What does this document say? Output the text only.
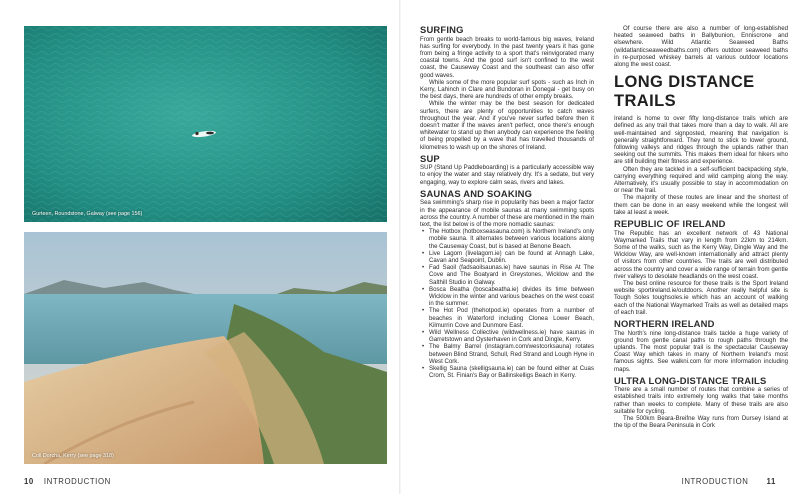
Gurteen, Roundstone, Galway (see page 156)
Coll Dorcha, Kerry (see page 318)
10 INTRODUCTION
SURFING

From gentle beach breaks to world-famous big waves, Ireland has surfing for everybody. In the past twenty years it has gone from being a fringe activity to a sport that's reinvigorated many coastal towns. And the good surf isn't confined to the west coast, the Causeway Coast and the southeast can also offer good waves.

While some of the more popular surf spots - such as Inch in Kerry, Lahinch in Clare and Bundoran in Donegal - get busy on the best days, there are hundreds of other empty breaks.

While the winter may be the best season for dedicated surfers, there are plenty of opportunities to catch waves throughout the year. And if you've never surfed before then it doesn't matter if the waves aren't perfect, once there's enough whitewater to stand up then anybody can experience the feeling of being propelled by a wave that has travelled thousands of kilometres to wash up on the shores of Ireland.

SUP

SUP (Stand Up Paddleboarding) is a particularly accessible way to enjoy the water and stay relatively dry. It's a sedate, but very engaging, way to explore calm seas, rivers and lakes.

SAUNAS AND SOAKING

Sea swimming's sharp rise in popularity has been a major factor in the appearance of mobile saunas at many swimming spots across the country. A number of these are mentioned in the main text, the list below is of the more nomadic saunas:

• The Hotbox (hotboxseasauna.com) is Northern Ireland's only mobile sauna. It alternates between various locations along the Causeway Coast, but is based at Benone Beach.
• Live Lagom (livelagom.ie) can be found at Annagh Lake, Cavan and Seapoint, Dublin.
• Fad Saoil (fadsaoilsaunas.ie) have saunas in Rise At The Cove and The Boatyard in Greystones, Wicklow and the Salthill Studio in Galway.
• Bosca Beatha (boscabeatha.ie) divides its time between Wicklow in the winter and various beaches on the west coast in the summer.
• The Hot Pod (thehotpod.ie) operates from a number of beaches in Waterford including Clonea Lower Beach, Kilmurrin Cove and Dunmore East.
• Wild Wellness Collective (wildwellness.ie) have saunas in Garretstown and Oysterhaven in Cork and Dingle, Kerry.
• The Balmy Barrel (instagram.com/westcorksauna) rotates between Blind Strand, Schull, Red Strand and Lough Hyne in West Cork.
• Skellig Sauna (skelligsauna.ie) can be found either at Cuas Crom, St. Finian's Bay or Ballinskelligs Beach in Kerry.

Of course there are also a number of long-established heated seaweed baths in Ballybunion, Enniscrone and elsewhere. Wild Atlantic Seaweed Baths (wildatlanticseaweedbaths.com) offers outdoor seaweed baths in re-purposed whiskey barrels at various outdoor locations along the west coast.

LONG DISTANCE TRAILS

Ireland is home to over fifty long-distance trails which are defined as any trail that takes more than a day to walk. All are well-maintained and signposted, meaning that navigation is generally straightforward. They tend to stick to lower ground, following valleys and ridges through the uplands rather than seeking out the summits. This makes them ideal for hikers who are still building their fitness and experience.

Often they are tackled in a self-sufficient backpacking style, carrying everything required and wild camping along the way. Alternatively, it's usually possible to stay in accommodation on or near the trail.

The majority of these routes are linear and the shortest of them can be done in an easy weekend while the longest will take at least a week.

REPUBLIC OF IRELAND

The Republic has an excellent network of 43 National Waymarked Trails that vary in length from 22km to 214km. Some of the walks, such as the Kerry Way, Dingle Way and the Wicklow Way, are well-known internationally and attract plenty of visitors from other countries. The trails are well distributed across the country and cover a wide range of terrain from gentle river valleys to desolate headlands on the west coast.

The best online resource for these trails is the Sport Ireland website sportireland.ie/outdoors. Another really helpful site is Tough Soles toughsoles.ie which has an account of walking each of the National Waymarked Trails as well as detailed maps of each trail.

NORTHERN IRELAND

The North's nine long-distance trails tackle a huge variety of ground from gentle canal paths to rough paths through the uplands. The most popular trail is the spectacular Causeway Coast Way which takes in many of Northern Ireland's most famous sights. See walkni.com for more information including maps.

ULTRA LONG-DISTANCE TRAILS

There are a small number of routes that combine a series of established trails into extremely long walks that take months rather than weeks to complete. Many of these trails are also suitable for cycling.

The 500km Beara-Breifne Way runs from Dursey Island at the tip of the Beara Peninsula in Cork

INTRODUCTION 11
